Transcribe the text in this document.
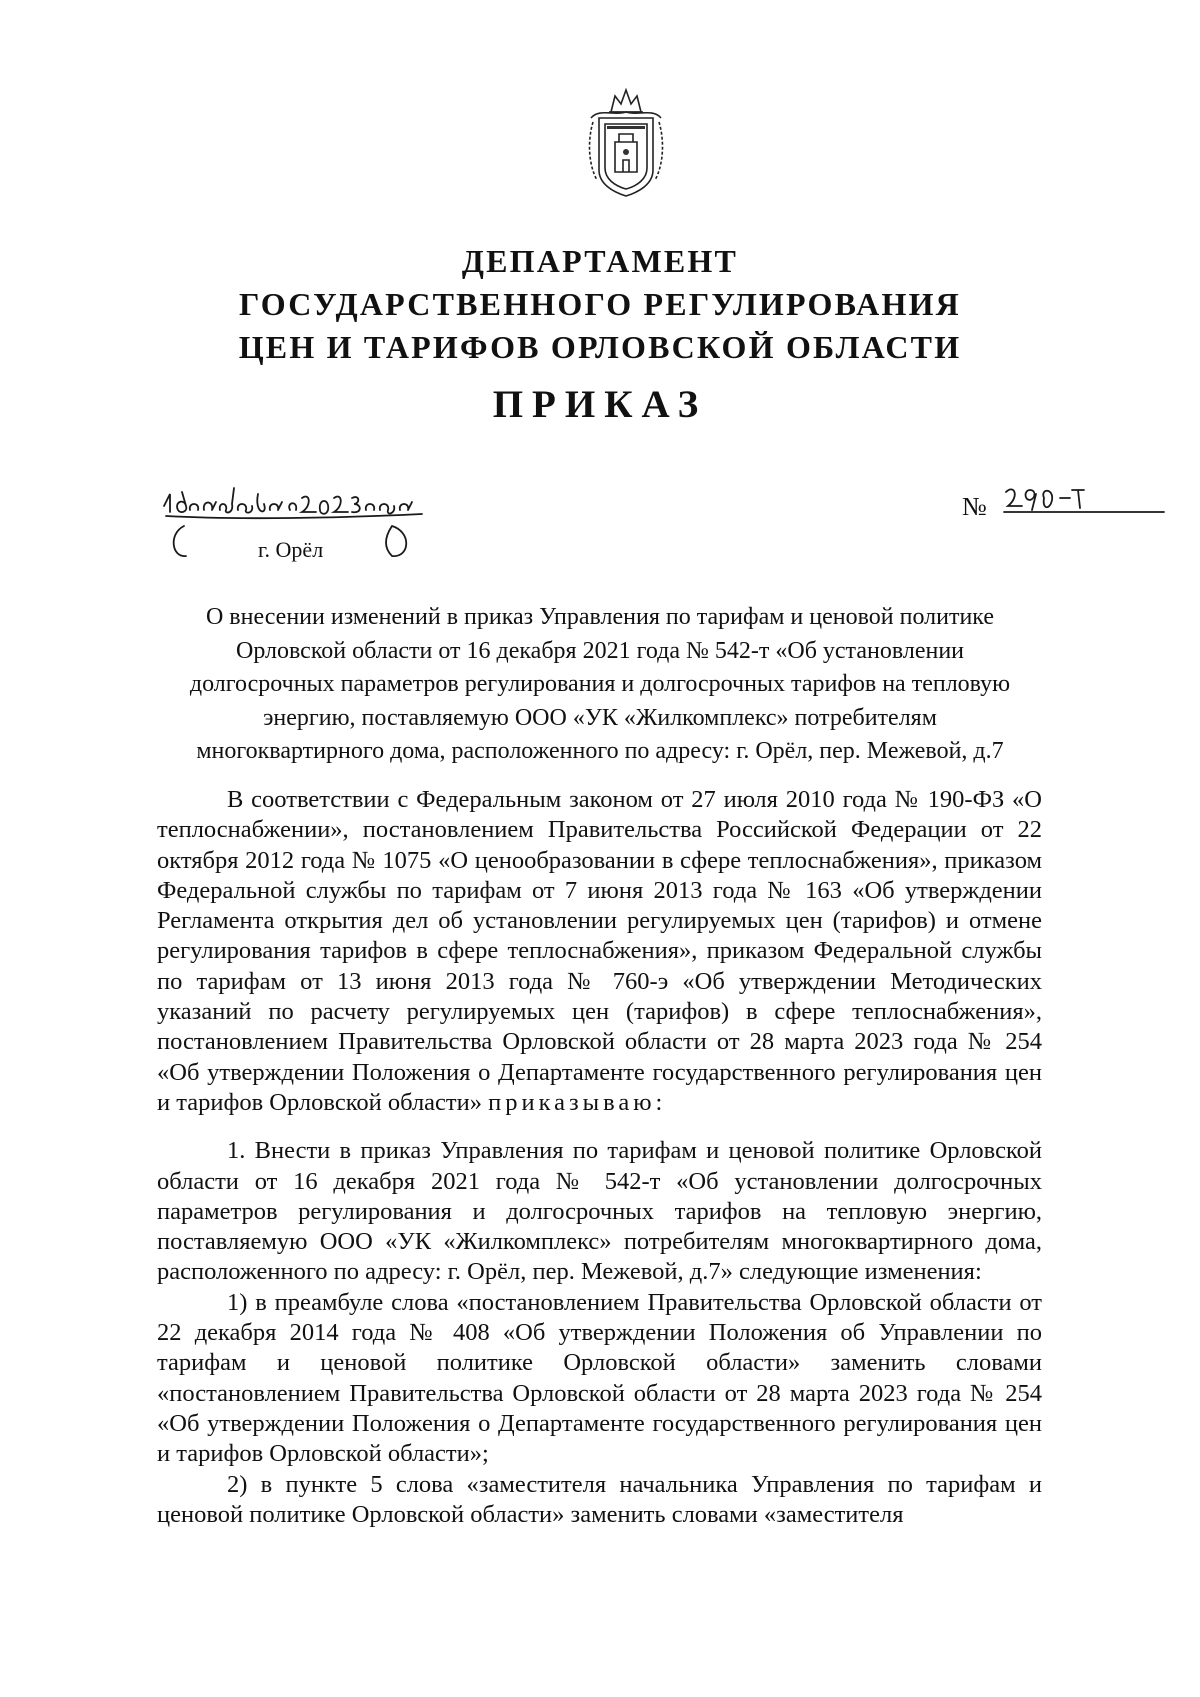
ДЕПАРТАМЕНТ
ГОСУДАРСТВЕННОГО РЕГУЛИРОВАНИЯ
ЦЕН И ТАРИФОВ ОРЛОВСКОЙ ОБЛАСТИ
ПРИКАЗ
г. Орёл
№
О внесении изменений в приказ Управления по тарифам и ценовой политике
Орловской области от 16 декабря 2021 года № 542-т «Об установлении
долгосрочных параметров регулирования и долгосрочных тарифов на тепловую
энергию, поставляемую ООО «УК «Жилкомплекс» потребителям
многоквартирного дома, расположенного по адресу: г. Орёл, пер. Межевой, д.7

В соответствии с Федеральным законом от 27 июля 2010 года № 190-ФЗ «О теплоснабжении», постановлением Правительства Российской Федерации от 22 октября 2012 года № 1075 «О ценообразовании в сфере теплоснабжения», приказом Федеральной службы по тарифам от 7 июня 2013 года № 163 «Об утверждении Регламента открытия дел об установлении регулируемых цен (тарифов) и отмене регулирования тарифов в сфере теплоснабжения», приказом Федеральной службы по тарифам от 13 июня 2013 года № 760-э «Об утверждении Методических указаний по расчету регулируемых цен (тарифов) в сфере теплоснабжения», постановлением Правительства Орловской области от 28 марта 2023 года № 254 «Об утверждении Положения о Департаменте государственного регулирования цен и тарифов Орловской области» приказываю:

1. Внести в приказ Управления по тарифам и ценовой политике Орловской области от 16 декабря 2021 года № 542-т «Об установлении долгосрочных параметров регулирования и долгосрочных тарифов на тепловую энергию, поставляемую ООО «УК «Жилкомплекс» потребителям многоквартирного дома, расположенного по адресу: г. Орёл, пер. Межевой, д.7» следующие изменения:

1) в преамбуле слова «постановлением Правительства Орловской области от 22 декабря 2014 года № 408 «Об утверждении Положения об Управлении по тарифам и ценовой политике Орловской области» заменить словами «постановлением Правительства Орловской области от 28 марта 2023 года № 254 «Об утверждении Положения о Департаменте государственного регулирования цен и тарифов Орловской области»;

2) в пункте 5 слова «заместителя начальника Управления по тарифам и ценовой политике Орловской области» заменить словами «заместителя
